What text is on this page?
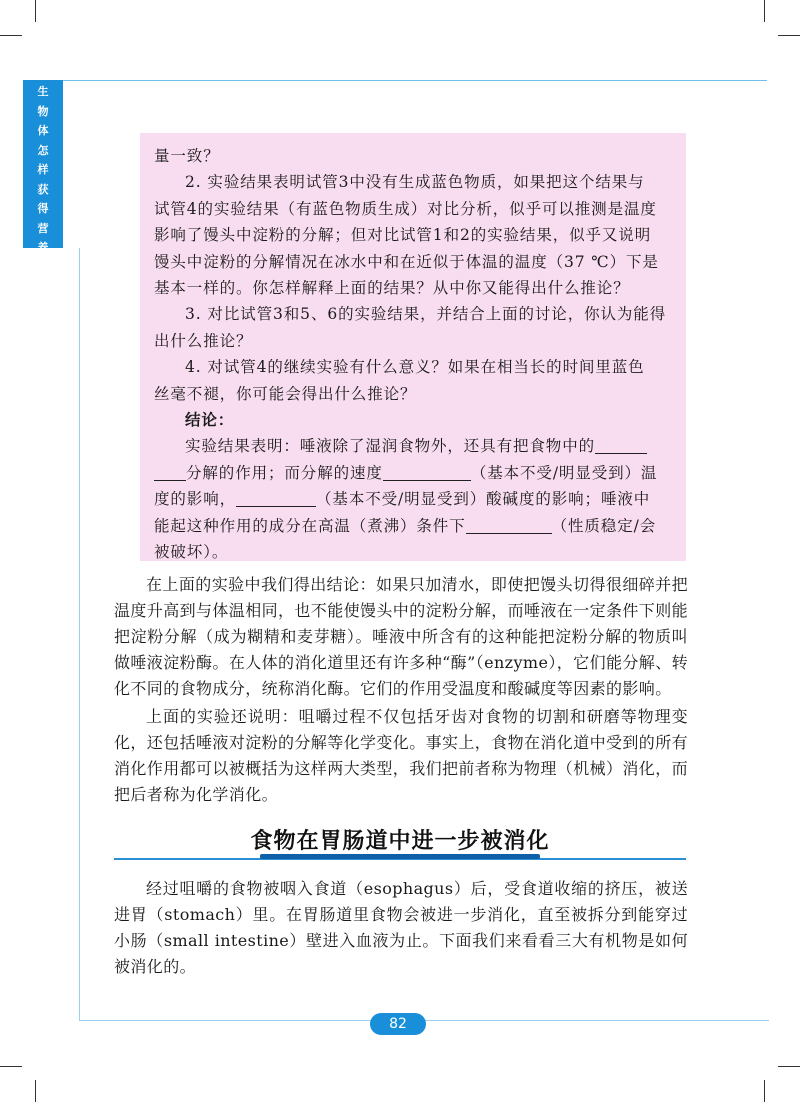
生
物
体
怎
样
获
得
营
养

量一致？

2. 实验结果表明试管3中没有生成蓝色物质，如果把这个结果与

试管4的实验结果（有蓝色物质生成）对比分析，似乎可以推测是温度

影响了馒头中淀粉的分解；但对比试管1和2的实验结果，似乎又说明

馒头中淀粉的分解情况在冰水中和在近似于体温的温度（37 ℃）下是

基本一样的。你怎样解释上面的结果？从中你又能得出什么推论？

3. 对比试管3和5、6的实验结果，并结合上面的讨论，你认为能得

出什么推论？

4. 对试管4的继续实验有什么意义？如果在相当长的时间里蓝色

丝毫不褪，你可能会得出什么推论？

结论：

实验结果表明：唾液除了湿润食物外，还具有把食物中的

分解的作用；而分解的速度	（基本不受/明显受到）温

度的影响，	（基本不受/明显受到）酸碱度的影响；唾液中

能起这种作用的成分在高温（煮沸）条件下	（性质稳定/会

被破坏）。

在上面的实验中我们得出结论：如果只加清水，即使把馒头切得很细碎并把温度升高到与体温相同，也不能使馒头中的淀粉分解，而唾液在一定条件下则能把淀粉分解（成为糊精和麦芽糖）。唾液中所含有的这种能把淀粉分解的物质叫做唾液淀粉酶。在人体的消化道里还有许多种“酶”（enzyme），它们能分解、转化不同的食物成分，统称消化酶。它们的作用受温度和酸碱度等因素的影响。

上面的实验还说明：咀嚼过程不仅包括牙齿对食物的切割和研磨等物理变化，还包括唾液对淀粉的分解等化学变化。事实上，食物在消化道中受到的所有消化作用都可以被概括为这样两大类型，我们把前者称为物理（机械）消化，而把后者称为化学消化。

食物在胃肠道中进一步被消化

经过咀嚼的食物被咽入食道（esophagus）后，受食道收缩的挤压，被送进胃（stomach）里。在胃肠道里食物会被进一步消化，直至被拆分到能穿过小肠（small intestine）壁进入血液为止。下面我们来看看三大有机物是如何被消化的。

82
